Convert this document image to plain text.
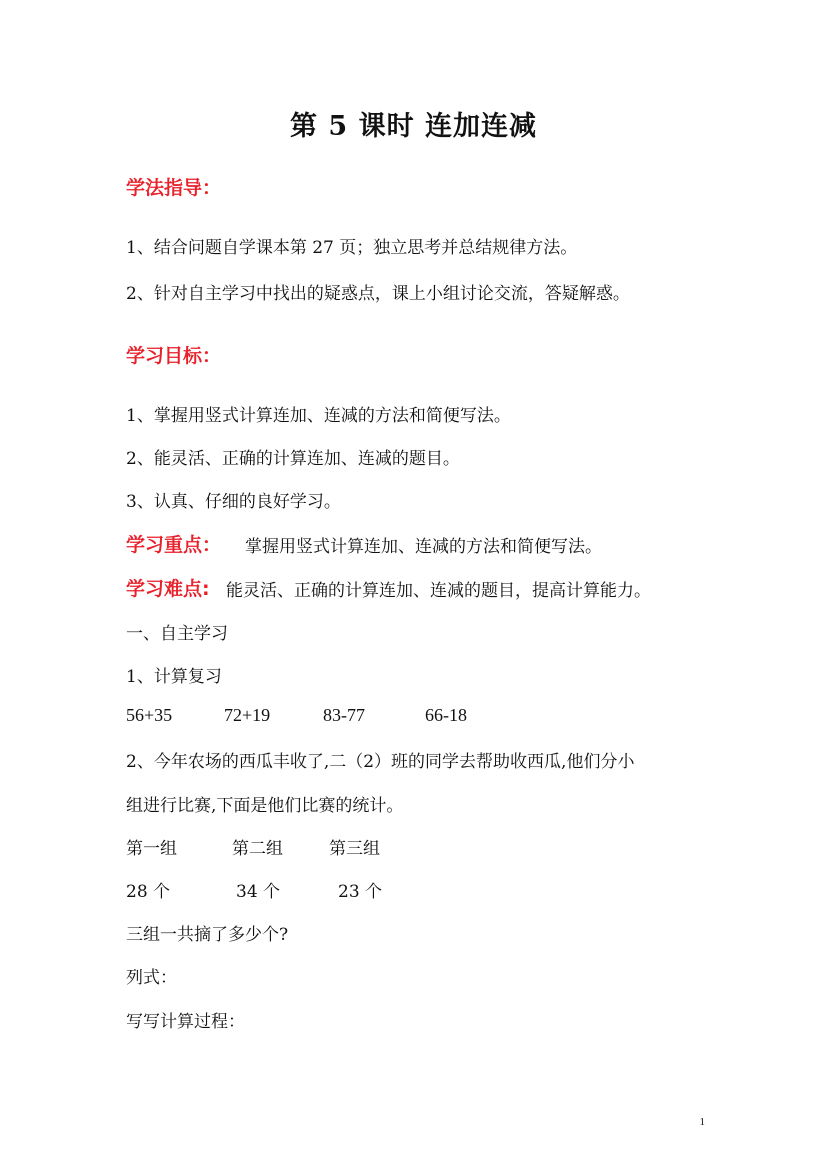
第 5 课时 连加连减
学法指导：
1、结合问题自学课本第 27 页；独立思考并总结规律方法。
2、针对自主学习中找出的疑惑点，课上小组讨论交流，答疑解惑。
学习目标：
1、掌握用竖式计算连加、连减的方法和简便写法。
2、能灵活、正确的计算连加、连减的题目。
3、认真、仔细的良好学习。
学习重点： 掌握用竖式计算连加、连减的方法和简便写法。
学习难点: 能灵活、正确的计算连加、连减的题目，提高计算能力。
一、自主学习
1、计算复习
56+35	72+19	83-77	66-18
2、今年农场的西瓜丰收了,二（2）班的同学去帮助收西瓜,他们分小
组进行比赛,下面是他们比赛的统计。
第一组	第二组	第三组
28 个	34 个	23 个
三组一共摘了多少个?
列式：
写写计算过程：
1
